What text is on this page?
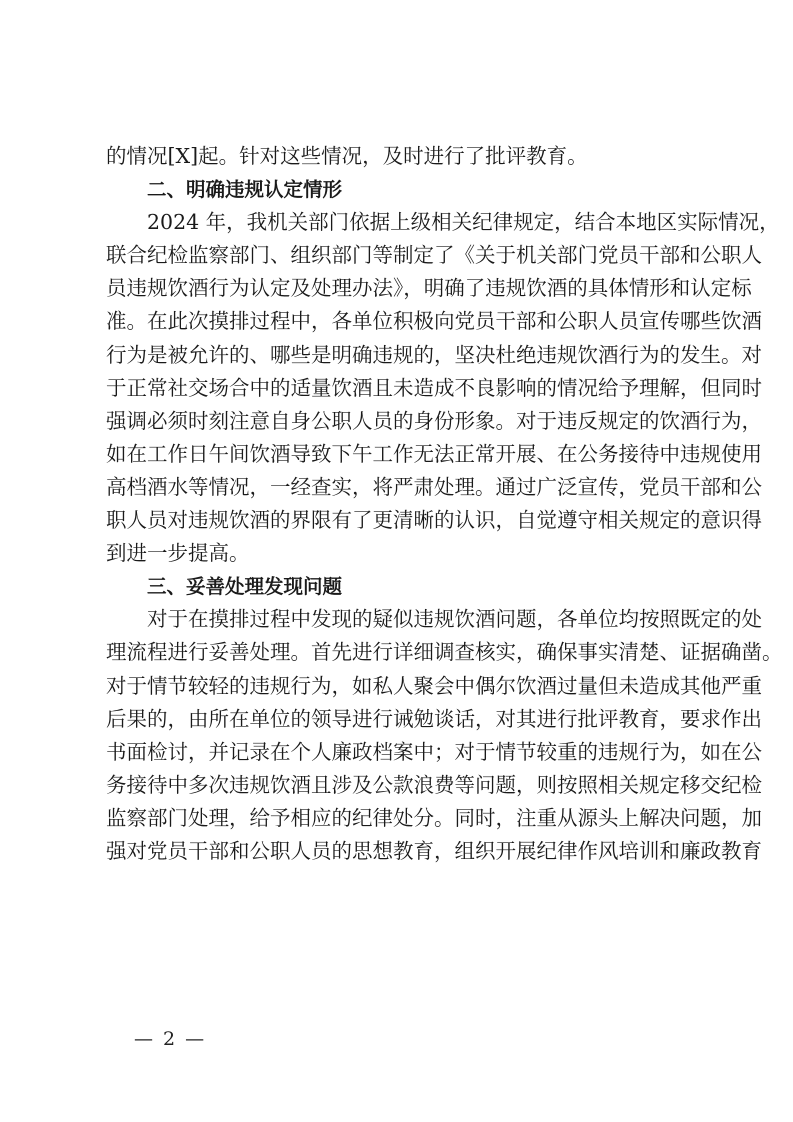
的情况[X]起。针对这些情况，及时进行了批评教育。
二、明确违规认定情形
2024 年，我机关部门依据上级相关纪律规定，结合本地区实际情况，
联合纪检监察部门、组织部门等制定了《关于机关部门党员干部和公职人
员违规饮酒行为认定及处理办法》，明确了违规饮酒的具体情形和认定标
准。在此次摸排过程中，各单位积极向党员干部和公职人员宣传哪些饮酒
行为是被允许的、哪些是明确违规的，坚决杜绝违规饮酒行为的发生。对
于正常社交场合中的适量饮酒且未造成不良影响的情况给予理解，但同时
强调必须时刻注意自身公职人员的身份形象。对于违反规定的饮酒行为，
如在工作日午间饮酒导致下午工作无法正常开展、在公务接待中违规使用
高档酒水等情况，一经查实，将严肃处理。通过广泛宣传，党员干部和公
职人员对违规饮酒的界限有了更清晰的认识，自觉遵守相关规定的意识得
到进一步提高。
三、妥善处理发现问题
对于在摸排过程中发现的疑似违规饮酒问题，各单位均按照既定的处
理流程进行妥善处理。首先进行详细调查核实，确保事实清楚、证据确凿。
对于情节较轻的违规行为，如私人聚会中偶尔饮酒过量但未造成其他严重
后果的，由所在单位的领导进行诫勉谈话，对其进行批评教育，要求作出
书面检讨，并记录在个人廉政档案中；对于情节较重的违规行为，如在公
务接待中多次违规饮酒且涉及公款浪费等问题，则按照相关规定移交纪检
监察部门处理，给予相应的纪律处分。同时，注重从源头上解决问题，加
强对党员干部和公职人员的思想教育，组织开展纪律作风培训和廉政教育
— 2 —
